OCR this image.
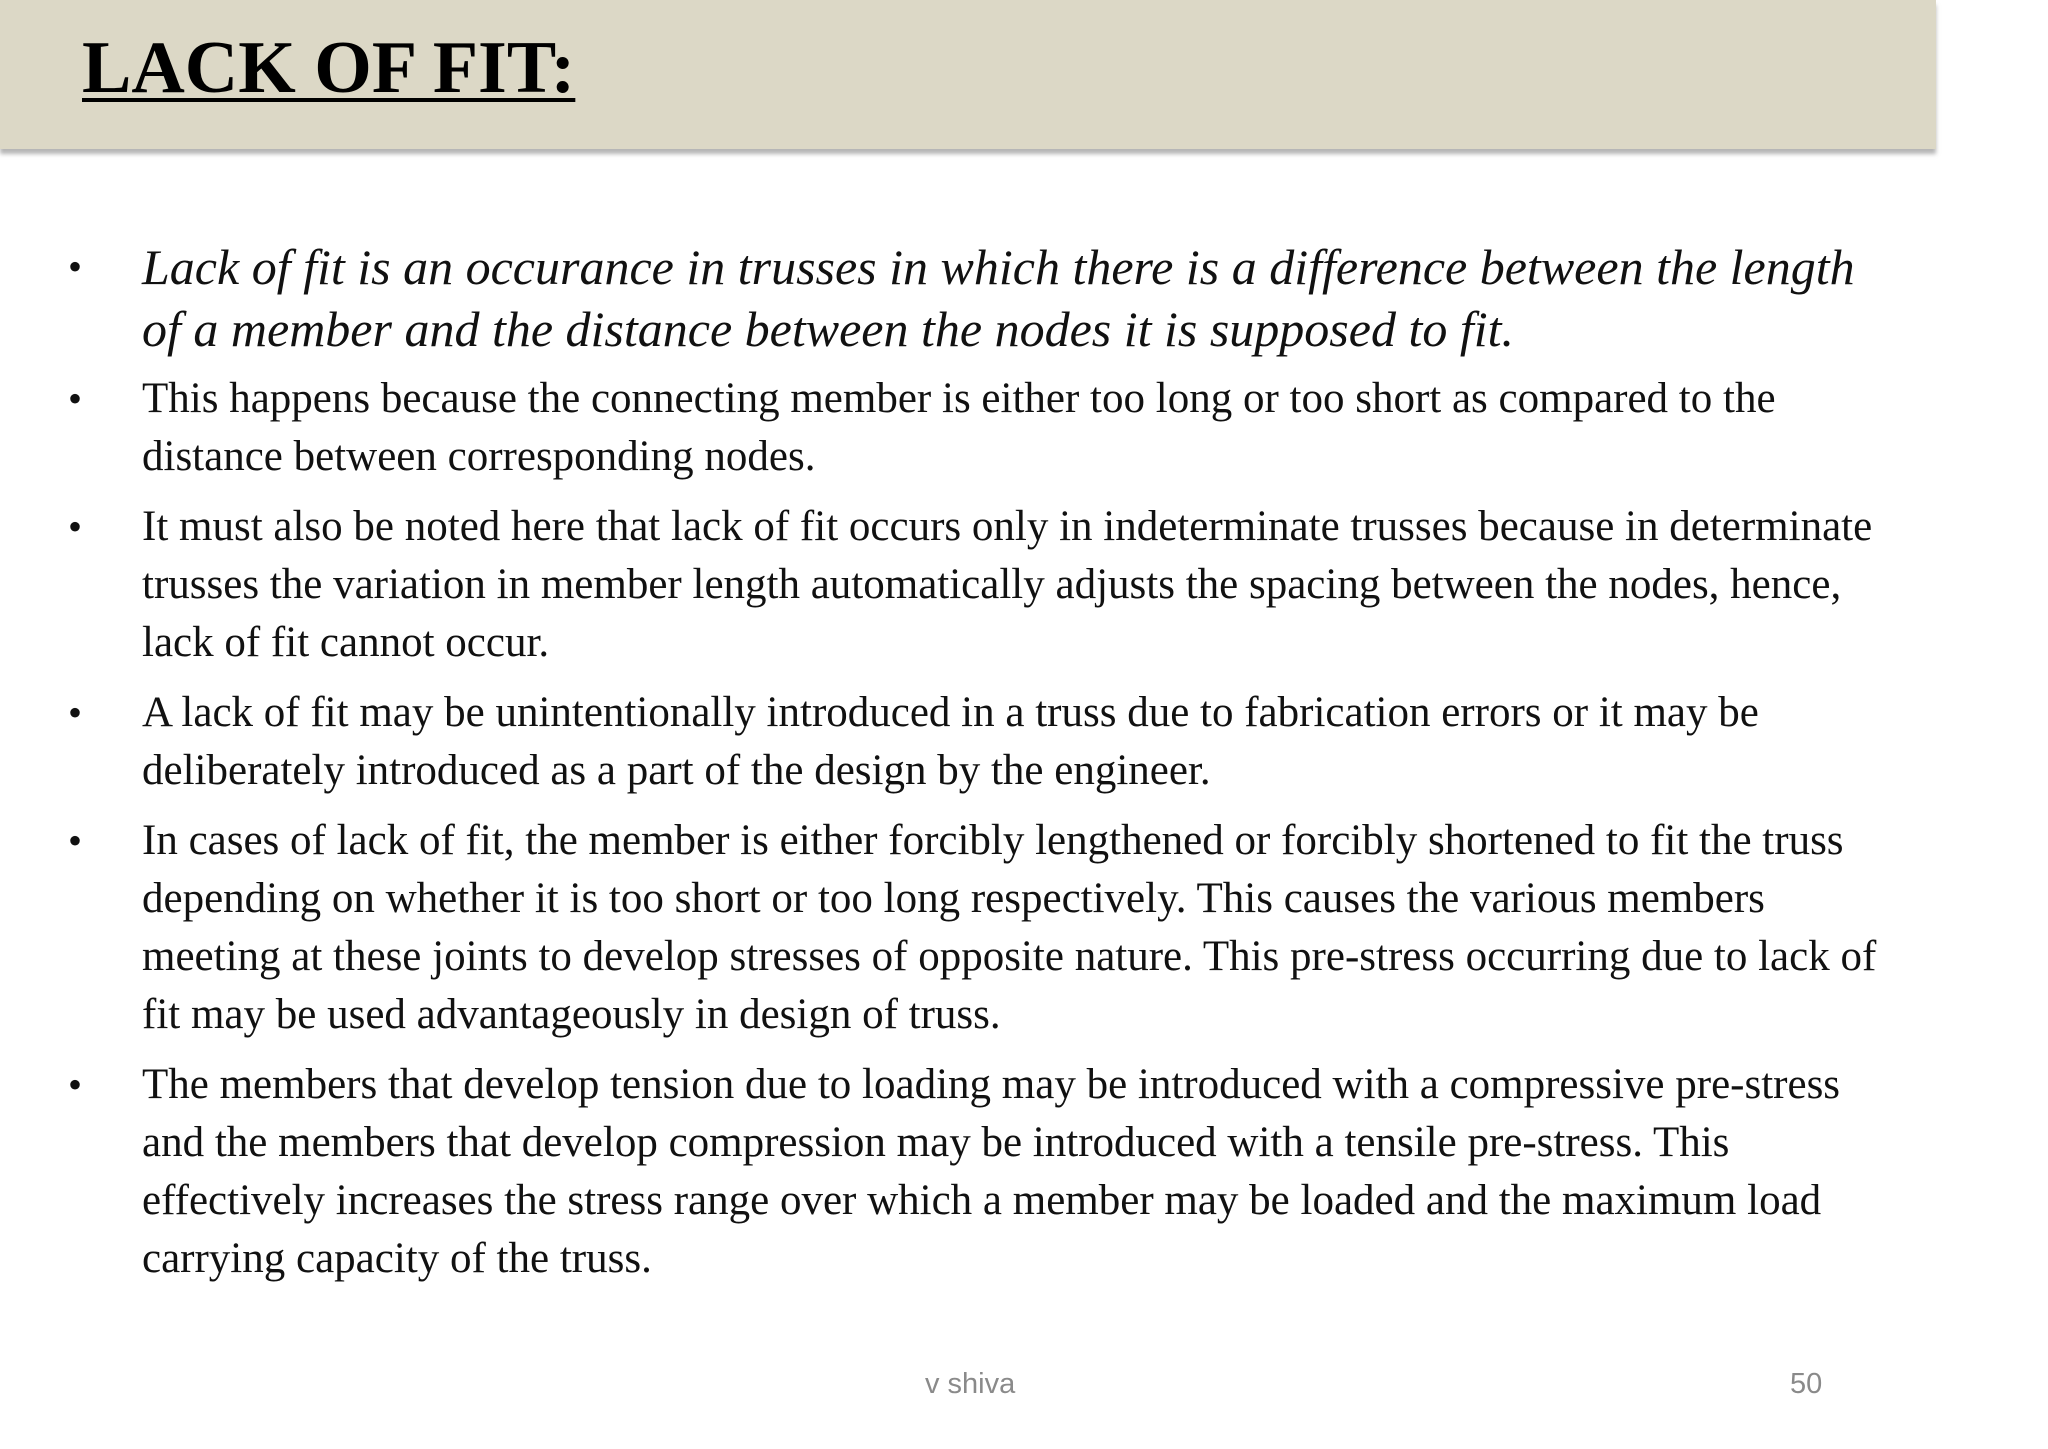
LACK OF FIT:
• Lack of fit is an occurance in trusses in which there is a difference between the length of a member and the distance between the nodes it is supposed to fit.
• This happens because the connecting member is either too long or too short as compared to the distance between corresponding nodes.
• It must also be noted here that lack of fit occurs only in indeterminate trusses because in determinate trusses the variation in member length automatically adjusts the spacing between the nodes, hence, lack of fit cannot occur.
• A lack of fit may be unintentionally introduced in a truss due to fabrication errors or it may be deliberately introduced as a part of the design by the engineer.
• In cases of lack of fit, the member is either forcibly lengthened or forcibly shortened to fit the truss depending on whether it is too short or too long respectively. This causes the various members meeting at these joints to develop stresses of opposite nature. This pre-stress occurring due to lack of fit may be used advantageously in design of truss.
• The members that develop tension due to loading may be introduced with a compressive pre-stress and the members that develop compression may be introduced with a tensile pre-stress. This effectively increases the stress range over which a member may be loaded and the maximum load carrying capacity of the truss.
v shiva	50
